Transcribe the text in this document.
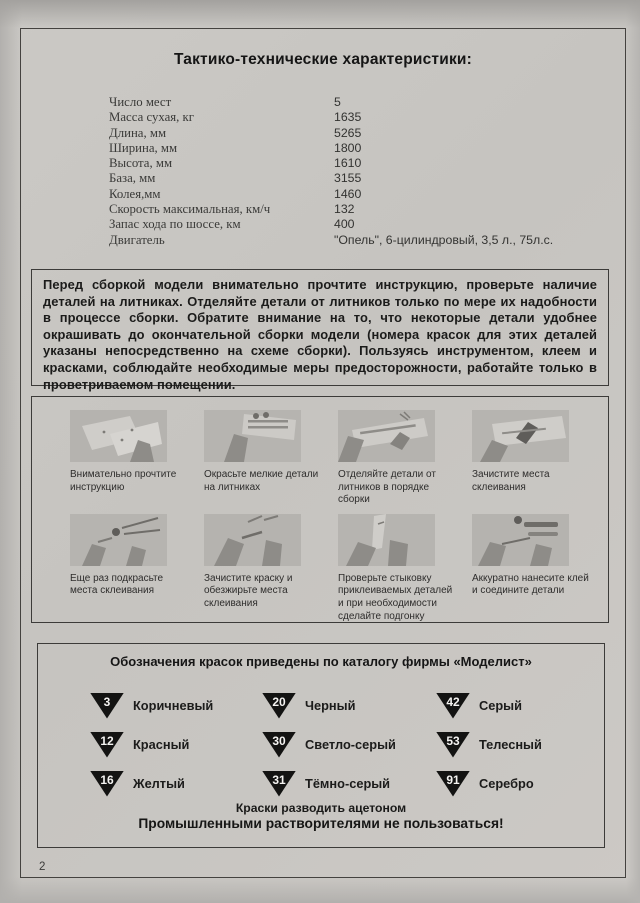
Тактико-технические характеристики:
Число мест	5
Масса сухая, кг	1635
Длина, мм	5265
Ширина, мм	1800
Высота, мм	1610
База, мм	3155
Колея,мм	1460
Скорость максимальная, км/ч	132
Запас хода по шоссе, км	400
Двигатель	"Опель", 6-цилиндровый, 3,5 л., 75л.с.
Перед сборкой модели внимательно прочтите инструкцию, проверьте наличие деталей на литниках. Отделяйте детали от литников только по мере их надобности в процессе сборки. Обратите внимание на то, что некоторые детали удобнее окрашивать до окончательной сборки модели (номера красок для этих деталей указаны непосредственно на схеме сборки). Пользуясь инструментом, клеем и красками, соблюдайте необходимые меры предосторожности, работайте только в проветриваемом помещении.
Внимательно прочтите инструкцию
Окрасьте мелкие детали на литниках
Отделяйте детали от литников в порядке сборки
Зачистите места склеивания
Еще раз подкрасьте места склеивания
Зачистите краску и обезжирьте места склеивания
Проверьте стыковку приклеиваемых деталей и при необходимости сделайте подгонку
Аккуратно нанесите клей и соедините детали
Обозначения красок приведены по каталогу фирмы «Моделист»
3	Коричневый	20	Черный	42	Серый
12	Красный	30	Светло-серый	53	Телесный
16	Желтый	31	Тёмно-серый	91	Серебро
Краски разводить ацетоном
Промышленными растворителями не пользоваться!
2
